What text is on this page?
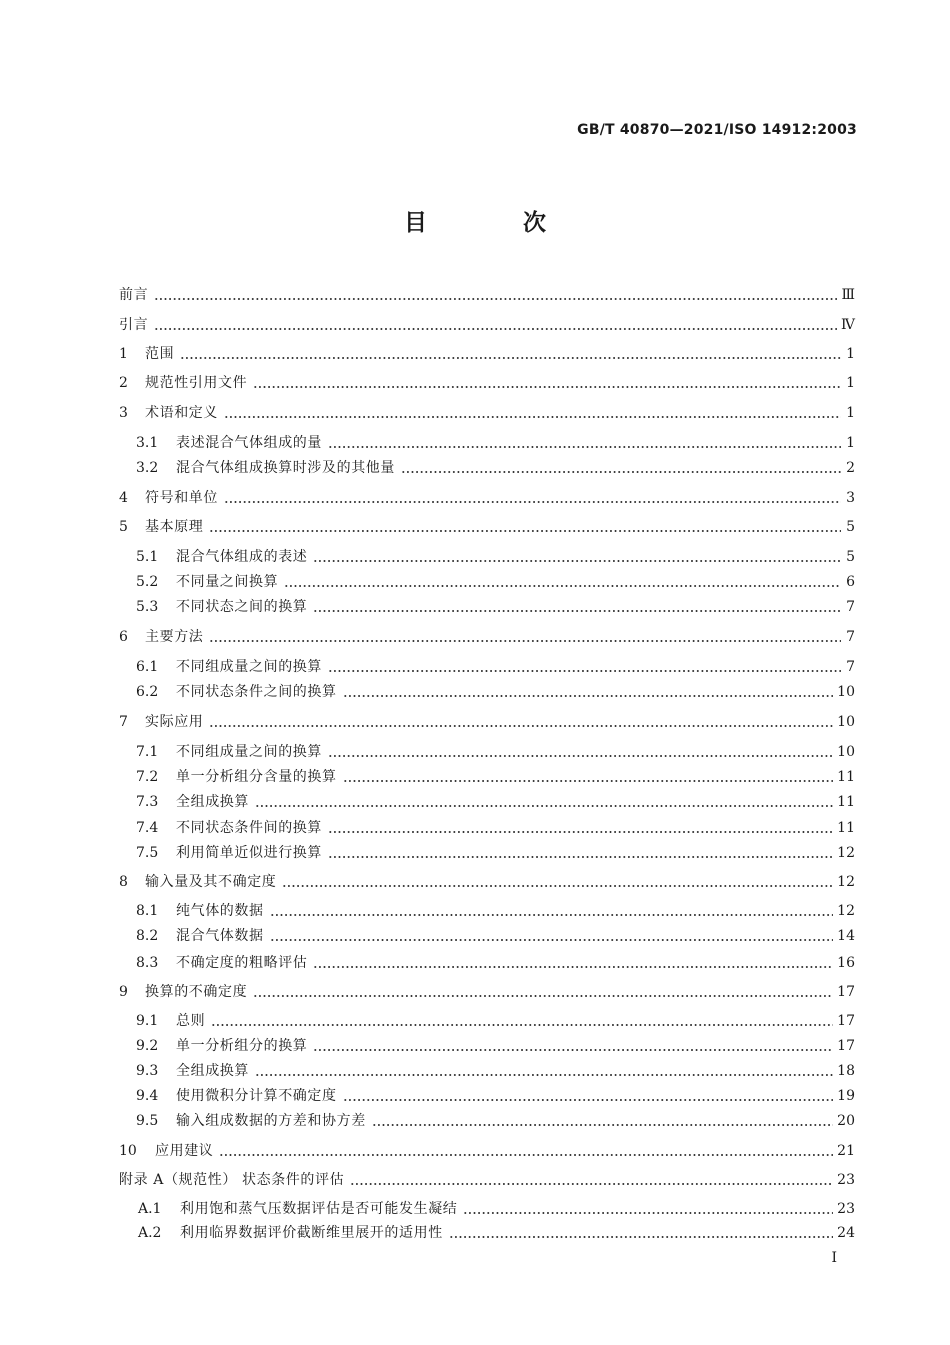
GB/T 40870—2021/ISO 14912:2003
目 次
前言	Ⅲ
引言	Ⅳ
1	范围	1
2	规范性引用文件	1
3	术语和定义	1
3.1	表述混合气体组成的量	1
3.2	混合气体组成换算时涉及的其他量	2
4	符号和单位	3
5	基本原理	5
5.1	混合气体组成的表述	5
5.2	不同量之间换算	6
5.3	不同状态之间的换算	7
6	主要方法	7
6.1	不同组成量之间的换算	7
6.2	不同状态条件之间的换算	10
7	实际应用	10
7.1	不同组成量之间的换算	10
7.2	单一分析组分含量的换算	11
7.3	全组成换算	11
7.4	不同状态条件间的换算	11
7.5	利用简单近似进行换算	12
8	输入量及其不确定度	12
8.1	纯气体的数据	12
8.2	混合气体数据	14
8.3	不确定度的粗略评估	16
9	换算的不确定度	17
9.1	总则	17
9.2	单一分析组分的换算	17
9.3	全组成换算	18
9.4	使用微积分计算不确定度	19
9.5	输入组成数据的方差和协方差	20
10	应用建议	21
附录 A（规范性） 状态条件的评估	23
A.1	利用饱和蒸气压数据评估是否可能发生凝结	23
A.2	利用临界数据评价截断维里展开的适用性	24
I
